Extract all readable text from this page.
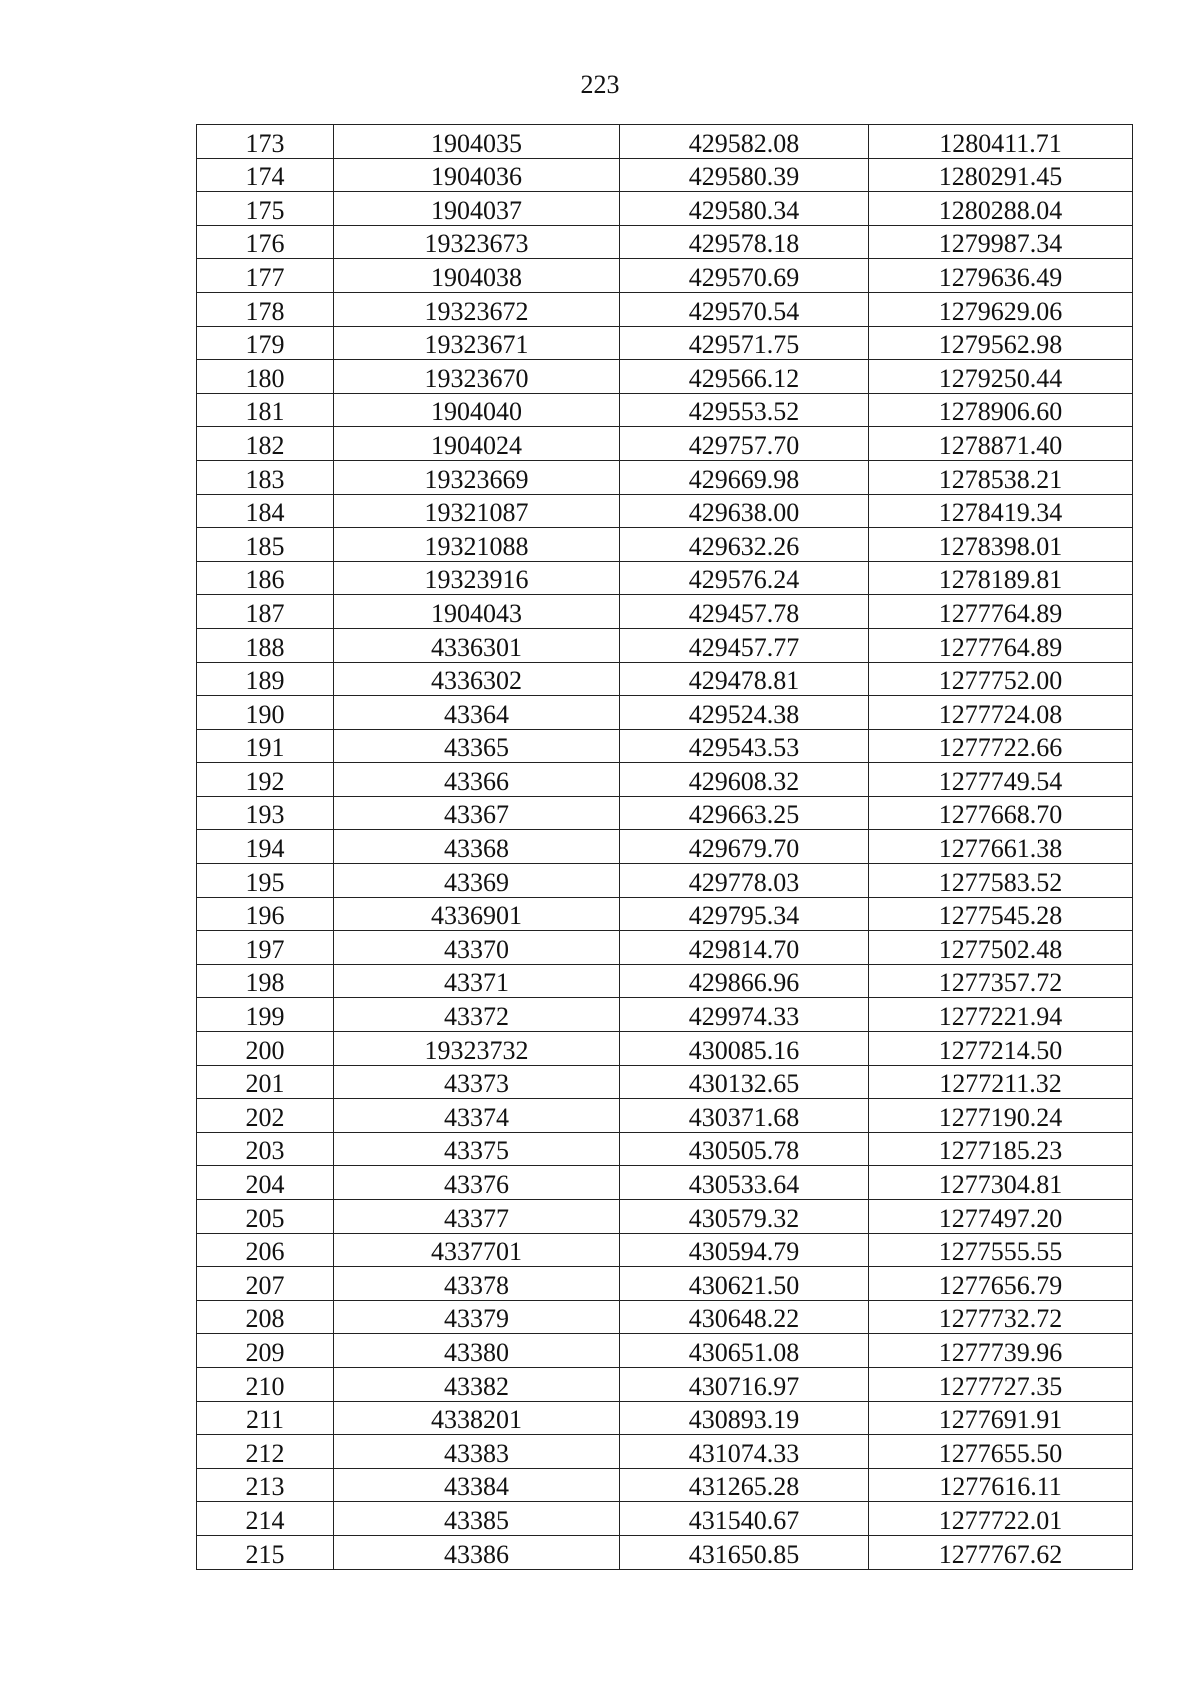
223
173	1904035	429582.08	1280411.71
174	1904036	429580.39	1280291.45
175	1904037	429580.34	1280288.04
176	19323673	429578.18	1279987.34
177	1904038	429570.69	1279636.49
178	19323672	429570.54	1279629.06
179	19323671	429571.75	1279562.98
180	19323670	429566.12	1279250.44
181	1904040	429553.52	1278906.60
182	1904024	429757.70	1278871.40
183	19323669	429669.98	1278538.21
184	19321087	429638.00	1278419.34
185	19321088	429632.26	1278398.01
186	19323916	429576.24	1278189.81
187	1904043	429457.78	1277764.89
188	4336301	429457.77	1277764.89
189	4336302	429478.81	1277752.00
190	43364	429524.38	1277724.08
191	43365	429543.53	1277722.66
192	43366	429608.32	1277749.54
193	43367	429663.25	1277668.70
194	43368	429679.70	1277661.38
195	43369	429778.03	1277583.52
196	4336901	429795.34	1277545.28
197	43370	429814.70	1277502.48
198	43371	429866.96	1277357.72
199	43372	429974.33	1277221.94
200	19323732	430085.16	1277214.50
201	43373	430132.65	1277211.32
202	43374	430371.68	1277190.24
203	43375	430505.78	1277185.23
204	43376	430533.64	1277304.81
205	43377	430579.32	1277497.20
206	4337701	430594.79	1277555.55
207	43378	430621.50	1277656.79
208	43379	430648.22	1277732.72
209	43380	430651.08	1277739.96
210	43382	430716.97	1277727.35
211	4338201	430893.19	1277691.91
212	43383	431074.33	1277655.50
213	43384	431265.28	1277616.11
214	43385	431540.67	1277722.01
215	43386	431650.85	1277767.62
